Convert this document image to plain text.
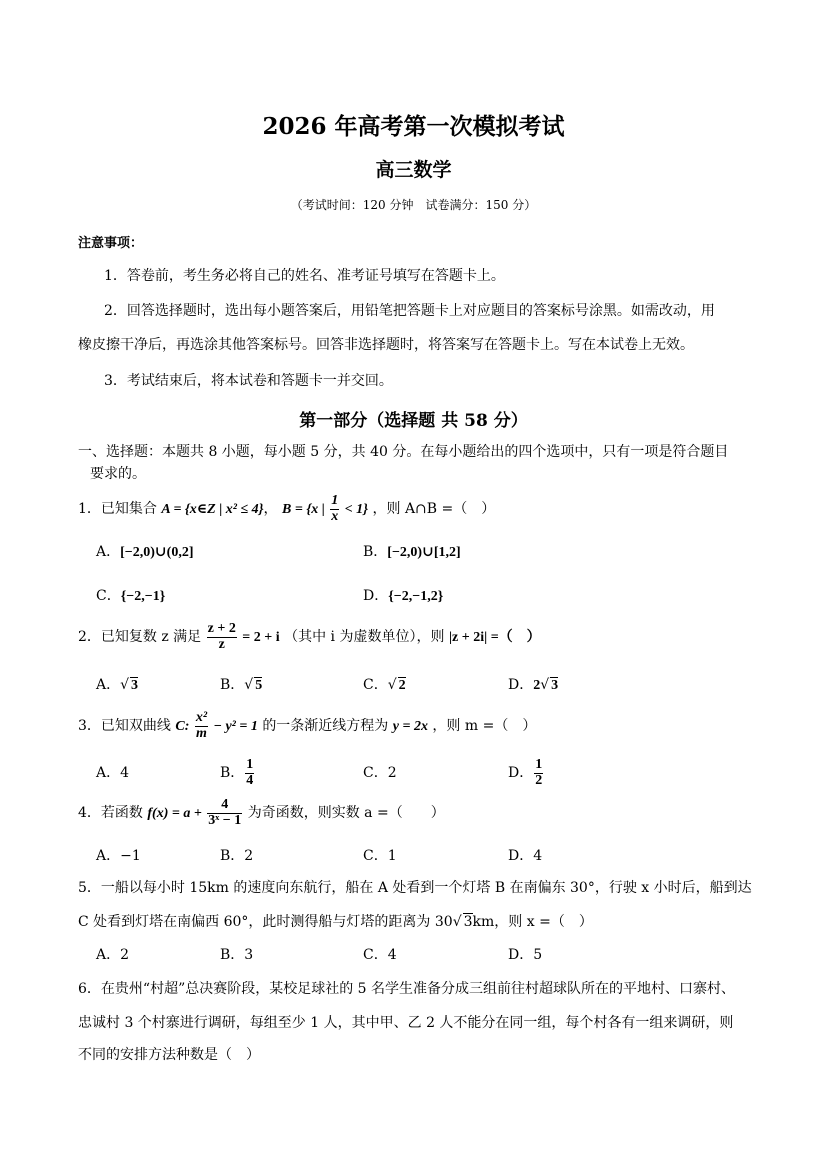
2026 年高考第一次模拟考试
高三数学
（考试时间：120 分钟　试卷满分：150 分）
注意事项：
1．答卷前，考生务必将自己的姓名、准考证号填写在答题卡上。
2．回答选择题时，选出每小题答案后，用铅笔把答题卡上对应题目的答案标号涂黑。如需改动，用
橡皮擦干净后，再选涂其他答案标号。回答非选择题时，将答案写在答题卡上。写在本试卷上无效。
3．考试结束后，将本试卷和答题卡一并交回。
第一部分（选择题 共 58 分）
一、选择题：本题共 8 小题，每小题 5 分，共 40 分。在每小题给出的四个选项中，只有一项是符合题目
要求的。
1．已知集合 A = {x∈Z | x² ≤ 4}， B = {x | $\frac{1}{x} < 1$} ，则 A∩B =（　）
A．[−2,0)∪(0,2]	B．[−2,0)∪[1,2]
C．{−2,−1}	D．{−2,−1,2}
2．已知复数 z 满足 $\frac{z + 2}{z} = 2 + i$ （其中 i 为虚数单位），则 |z + 2i| =（　）
A．√ 3	B．√ 5	C．√ 2	D．2√ 3
3．已知双曲线 C: $\frac{\text{x²}}{m} - y^2 = 1$ 的一条渐近线方程为 y = 2x ，则 m =（　）
A．4	B． $\frac{1}{4}$	C．2	D． $\frac{1}{2}$
4．若函数 $f(x) = a + \frac{4}{\text{3ˣ − 1}}$ 为奇函数，则实数 a =（　　）
A．−1	B．2	C．1	D．4
5．一船以每小时 15km 的速度向东航行，船在 A 处看到一个灯塔 B 在南偏东 30°，行驶 x 小时后，船到达
C 处看到灯塔在南偏西 60°，此时测得船与灯塔的距离为 30√ 3km，则 x =（　）
A．2	B．3	C．4	D．5
6．在贵州“村超”总决赛阶段，某校足球社的 5 名学生准备分成三组前往村超球队所在的平地村、口寨村、
忠诚村 3 个村寨进行调研，每组至少 1 人，其中甲、乙 2 人不能分在同一组，每个村各有一组来调研，则
不同的安排方法种数是（　）
